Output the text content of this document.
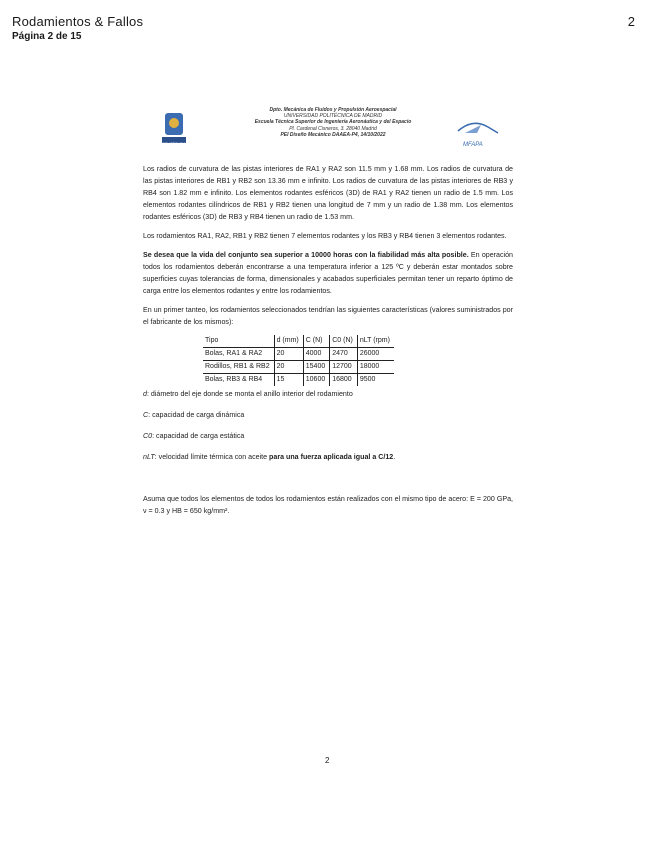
Rodamientos & Fallos
Página 2 de 15
2
POLITÉCNICA
Dpto. Mecánica de Fluidos y Propulsión Aeroespacial
UNIVERSIDAD POLITÉCNICA DE MADRID
Escuela Técnica Superior de Ingeniería Aeronáutica y del Espacio
Pl. Cardenal Cisneros, 3. 28040 Madrid
PEI Diseño Mecánico DAAEA-P4, 14/10/2022
MFAPA

Los radios de curvatura de las pistas interiores de RA1 y RA2 son 11.5 mm y 1.68 mm. Los radios de curvatura de las pistas interiores de RB1 y RB2 son 13.36 mm e infinito. Los radios de curvatura de las pistas interiores de RB3 y RB4 son 1.82 mm e infinito. Los elementos rodantes esféricos (3D) de RA1 y RA2 tienen un radio de 1.5 mm. Los elementos rodantes cilíndricos de RB1 y RB2 tienen una longitud de 7 mm y un radio de 1.38 mm. Los elementos rodantes esféricos (3D) de RB3 y RB4 tienen un radio de 1.53 mm.

Los rodamientos RA1, RA2, RB1 y RB2 tienen 7 elementos rodantes y los RB3 y RB4 tienen 3 elementos rodantes.

Se desea que la vida del conjunto sea superior a 10000 horas con la fiabilidad más alta posible. En operación todos los rodamientos deberán encontrarse a una temperatura inferior a 125 ºC y deberán estar montados sobre superficies cuyas tolerancias de forma, dimensionales y acabados superficiales permitan tener un reparto óptimo de carga entre los elementos rodantes y entre los rodamientos.

En un primer tanteo, los rodamientos seleccionados tendrían las siguientes características (valores suministrados por el fabricante de los mismos):

Tipo	d (mm)	C (N)	C0 (N)	nLT (rpm)
Bolas, RA1 & RA2	20	4000	2470	26000
Rodillos, RB1 & RB2	20	15400	12700	18000
Bolas, RB3 & RB4	15	10600	16800	9500

d: diámetro del eje donde se monta el anillo interior del rodamiento

C: capacidad de carga dinámica

C0: capacidad de carga estática

nLT: velocidad límite térmica con aceite para una fuerza aplicada igual a C/12.

Asuma que todos los elementos de todos los rodamientos están realizados con el mismo tipo de acero: E = 200 GPa, ν = 0.3 y HB = 650 kg/mm².

2
